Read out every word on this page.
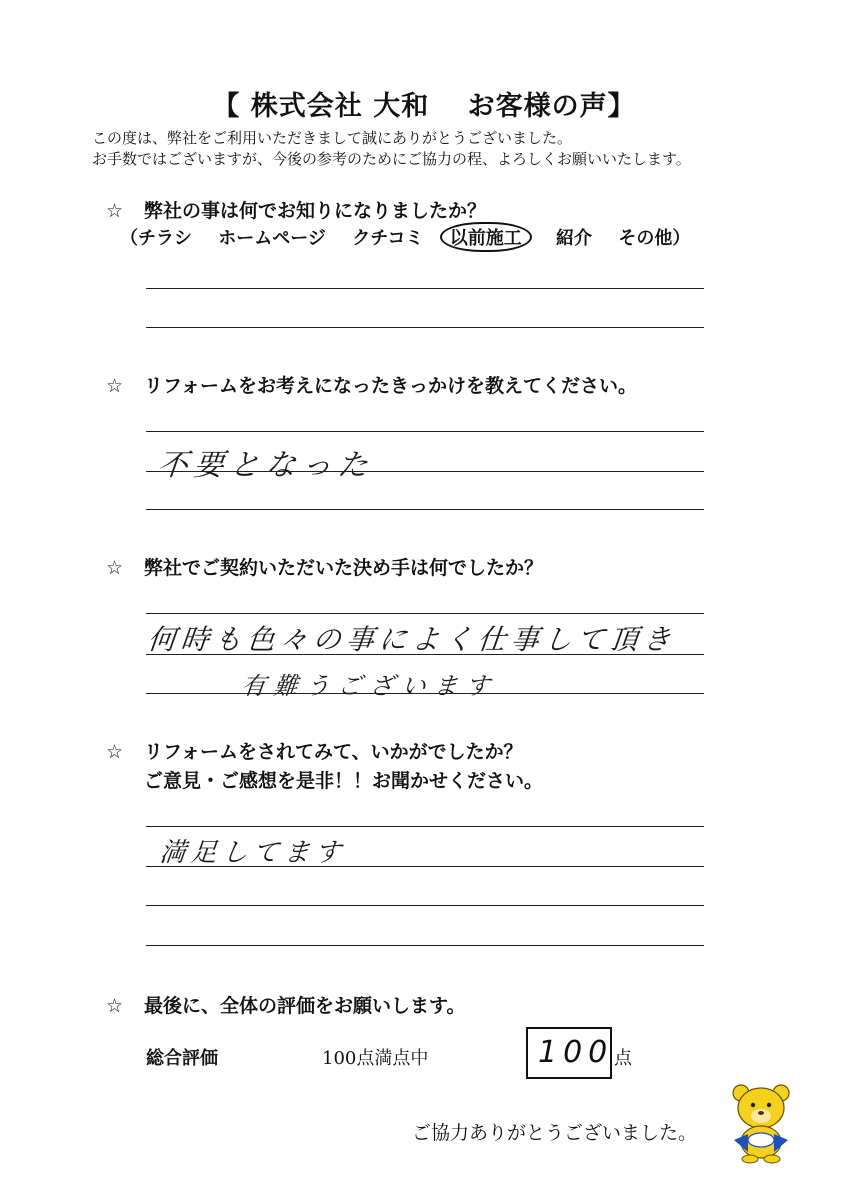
【 株式会社 大和　 お客様の声】
この度は、弊社をご利用いただきまして誠にありがとうございました。
お手数ではございますが、今後の参考のためにご協力の程、よろしくお願いいたします。
☆ 弊社の事は何でお知りになりましたか？
（チラシ ホームページ クチコミ 以前施工 紹介 その他）
☆ リフォームをお考えになったきっかけを教えてください。
不要となった
☆ 弊社でご契約いただいた決め手は何でしたか？
何時も色々の事によく仕事して頂き
有難うございます
☆ リフォームをされてみて、いかがでしたか？
ご意見・ご感想を是非！！お聞かせください。
満足してます
☆ 最後に、全体の評価をお願いします。
総合評価	100点満点中	100 点
ご協力ありがとうございました。
